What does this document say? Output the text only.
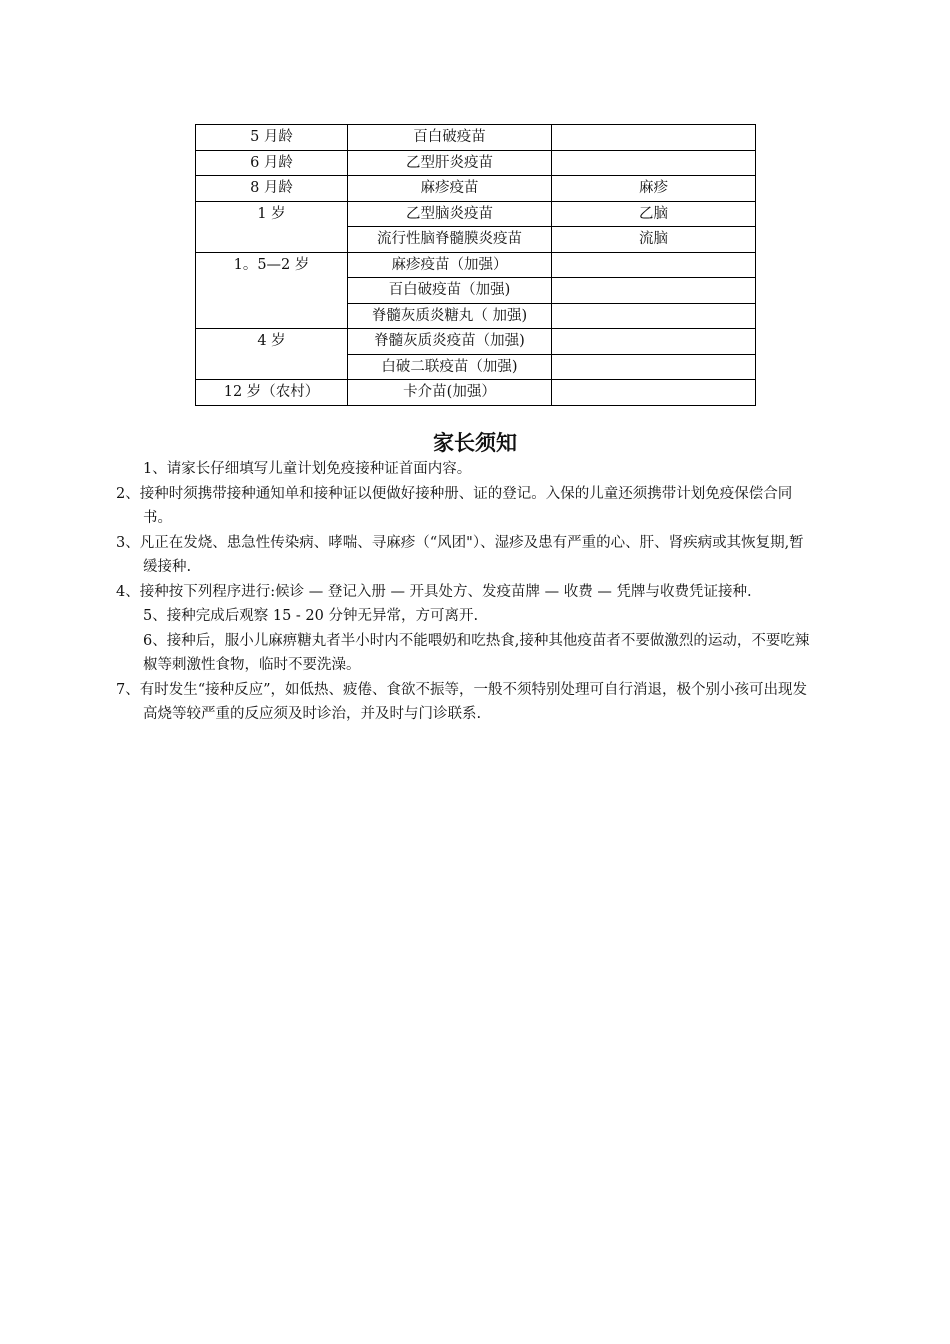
5 月龄	百白破疫苗	
6 月龄	乙型肝炎疫苗	
8 月龄	麻疹疫苗	麻疹
1 岁	乙型脑炎疫苗	乙脑
	流行性脑脊髓膜炎疫苗	流脑
1。5—2 岁	麻疹疫苗（加强）	
	百白破疫苗（加强)	
	脊髓灰质炎糖丸（ 加强)	
4 岁	脊髓灰质炎疫苗（加强)	
	白破二联疫苗（加强)	
12 岁（农村）	卡介苗(加强）	
家长须知
1、请家长仔细填写儿童计划免疫接种证首面内容。
2、接种时须携带接种通知单和接种证以便做好接种册、证的登记。入保的儿童还须携带计划免疫保偿合同书。
3、凡正在发烧、患急性传染病、哮喘、寻麻疹（“风团"）、湿疹及患有严重的心、肝、肾疾病或其恢复期,暂缓接种.
4、接种按下列程序进行:候诊 — 登记入册 — 开具处方、发疫苗牌 — 收费 — 凭牌与收费凭证接种.
5、接种完成后观察 15 - 20 分钟无异常，方可离开.
6、接种后，服小儿麻痹糖丸者半小时内不能喂奶和吃热食,接种其他疫苗者不要做激烈的运动，不要吃辣椒等刺激性食物，临时不要洗澡。
7、有时发生“接种反应”，如低热、疲倦、食欲不振等，一般不须特别处理可自行消退，极个别小孩可出现发高烧等较严重的反应须及时诊治，并及时与门诊联系.
